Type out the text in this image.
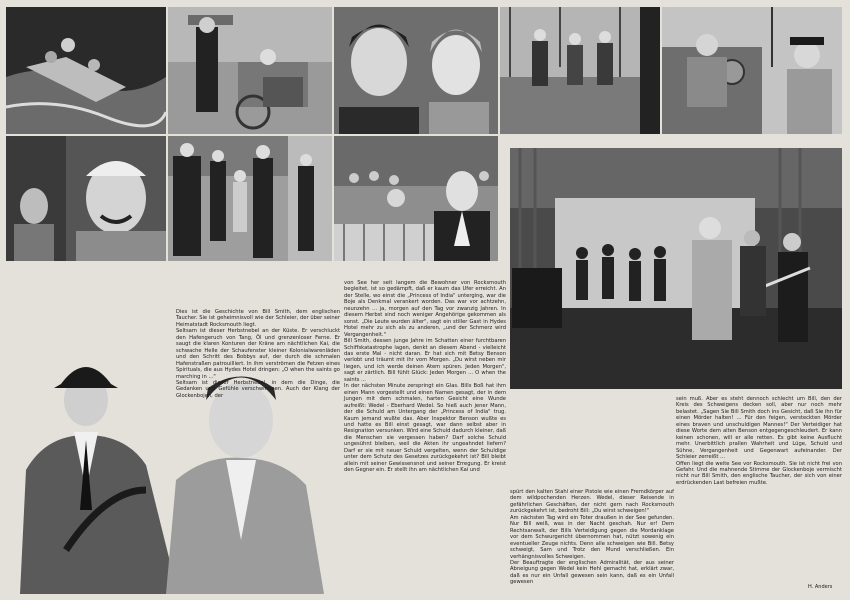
Dies ist die Geschichte von Bill Smith, dem englischen Taucher. Sie ist geheimnisvoll wie der Schleier, der über seiner Heimatstadt Rocksmouth liegt.

Seltsam ist dieser Herbstnebel an der Küste. Er verschluckt den Hafengeruch von Tang, Öl und grenzenloser Ferne. Er saugt die klaren Konturen der Kräne am nächtlichen Kai, die schwache Helle der Schaufenster kleiner Kolonialwarenläden und den Schritt des Bobbys auf, der durch die schmalen Hafenstraßen patrouilliert. In ihm verströmen die Fetzen eines Spirituals, die aus Hydes Hotel dringen: „O when the saints go marching in ..."

Seltsam ist dieser Herbstnebel, in dem die Dinge, die Gedanken und Gefühle verschwimmen. Auch der Klang der Glockenbojen, der

von See her seit langem die Bewohner von Rocksmouth begleitet, ist so gedämpft, daß er kaum das Ufer erreicht. An der Stelle, wo einst die „Princess of India" unterging, war die Boje als Denkmal verankert worden. Das war vor achtzehn, neunzehn ... ja, morgen auf den Tag vor zwanzig Jahren. In diesem Herbst sind noch weniger Angehörige gekommen als sonst. „Die Leute wurden älter", sagt ein stiller Gast in Hydes Hotel mehr zu sich als zu anderen, „und der Schmerz wird Vergangenheit."

Bill Smith, dessen junge Jahre im Schatten einer furchtbaren Schiffskatastrophe lagen, denkt an diesem Abend - vielleicht das erste Mal - nicht daran. Er hat sich mit Betsy Benson verlobt und träumt mit ihr vom Morgen. „Du wirst neben mir liegen, und ich werde deinen Atem spüren. Jeden Morgen", sagt er zärtlich. Bill fühlt Glück: Jeden Morgen ... O when the saints ...

In der nächsten Minute zerspringt ein Glas. Bills Boß hat ihm einen Mann vorgestellt und einen Namen gesagt, der in dem Jungen mit dem schmalen, harten Gesicht eine Wunde aufreißt: Wedel - Eberhard Wedel. So hieß auch jener Mann, der die Schuld am Untergang der „Princess of India" trug. Kaum jemand wußte das. Aber Inspektor Benson wußte es und hatte es Bill einst gesagt, war dann selbst aber in Resignation versunken. Wird eine Schuld dadurch kleiner, daß die Menschen sie vergessen haben? Darf solche Schuld ungesühnt bleiben, weil die Akten ihr ungeahndet liefern? Darf er sie mit neuer Schuld vergelten, wenn der Schuldige unter dem Schutz des Gesetzes zurückgekehrt ist? Bill bleibt allein mit seiner Gewissensnot und seiner Erregung. Er kreist den Gegner ein. Er stellt ihn am nächtlichen Kai und

spürt den kalten Stahl einer Pistole wie einen Fremdkörper auf dem wildpochenden Herzen. Wedel, dieser Reisende in gefährlichen Geschäften, der nicht gern nach Rocksmouth zurückgekehrt ist, bedroht Bill: „Du wirst schweigen!"

Am nächsten Tag wird ein Toter draußen in der See gefunden. Nur Bill weiß, was in der Nacht geschah. Nur er! Dem Rechtsanwalt, der Bills Verteidigung gegen die Mordanklage vor dem Schwurgericht übernommen hat, nützt sowenig ein eventueller Zeuge nichts. Denn alle schweigen wie Bill. Betsy schweigt, Sam und Trotz den Mund verschließen. Ein verhängnisvolles Schweigen.

Der Beauftragte der englischen Admiralität, der aus seiner Abneigung gegen Wedel kein Hehl gemacht hat, erklärt zwar, daß es nur ein Unfall gewesen sein kann, daß es ein Unfall gewesen

sein muß. Aber es steht dennoch schlecht um Bill, den der Kreis des Schweigens decken soll, aber nur noch mehr belastet. „Sagen Sie Bill Smith doch ins Gesicht, daß Sie ihn für einen Mörder halten! ... Für den feigen, versteckten Mörder eines braven und unschuldigen Mannes!" Der Verteidiger hat diese Worte dem alten Benson entgegengeschleudert. Er kann keinen schonen, will er alle retten. Es gibt keine Ausflucht mehr. Unerbittlich prallen Wahrheit und Lüge, Schuld und Sühne, Vergangenheit und Gegenwart aufeinander. Der Schleier zerreißt ...

Offen liegt die weite See vor Rocksmouth. Sie ist nicht frei von Gefahr. Und die mahnende Stimme der Glockenboje vermischt nicht nur Bill Smith, den englische Taucher, der sich von einer erdrückenden Last befreien mußte.

H. Anders
